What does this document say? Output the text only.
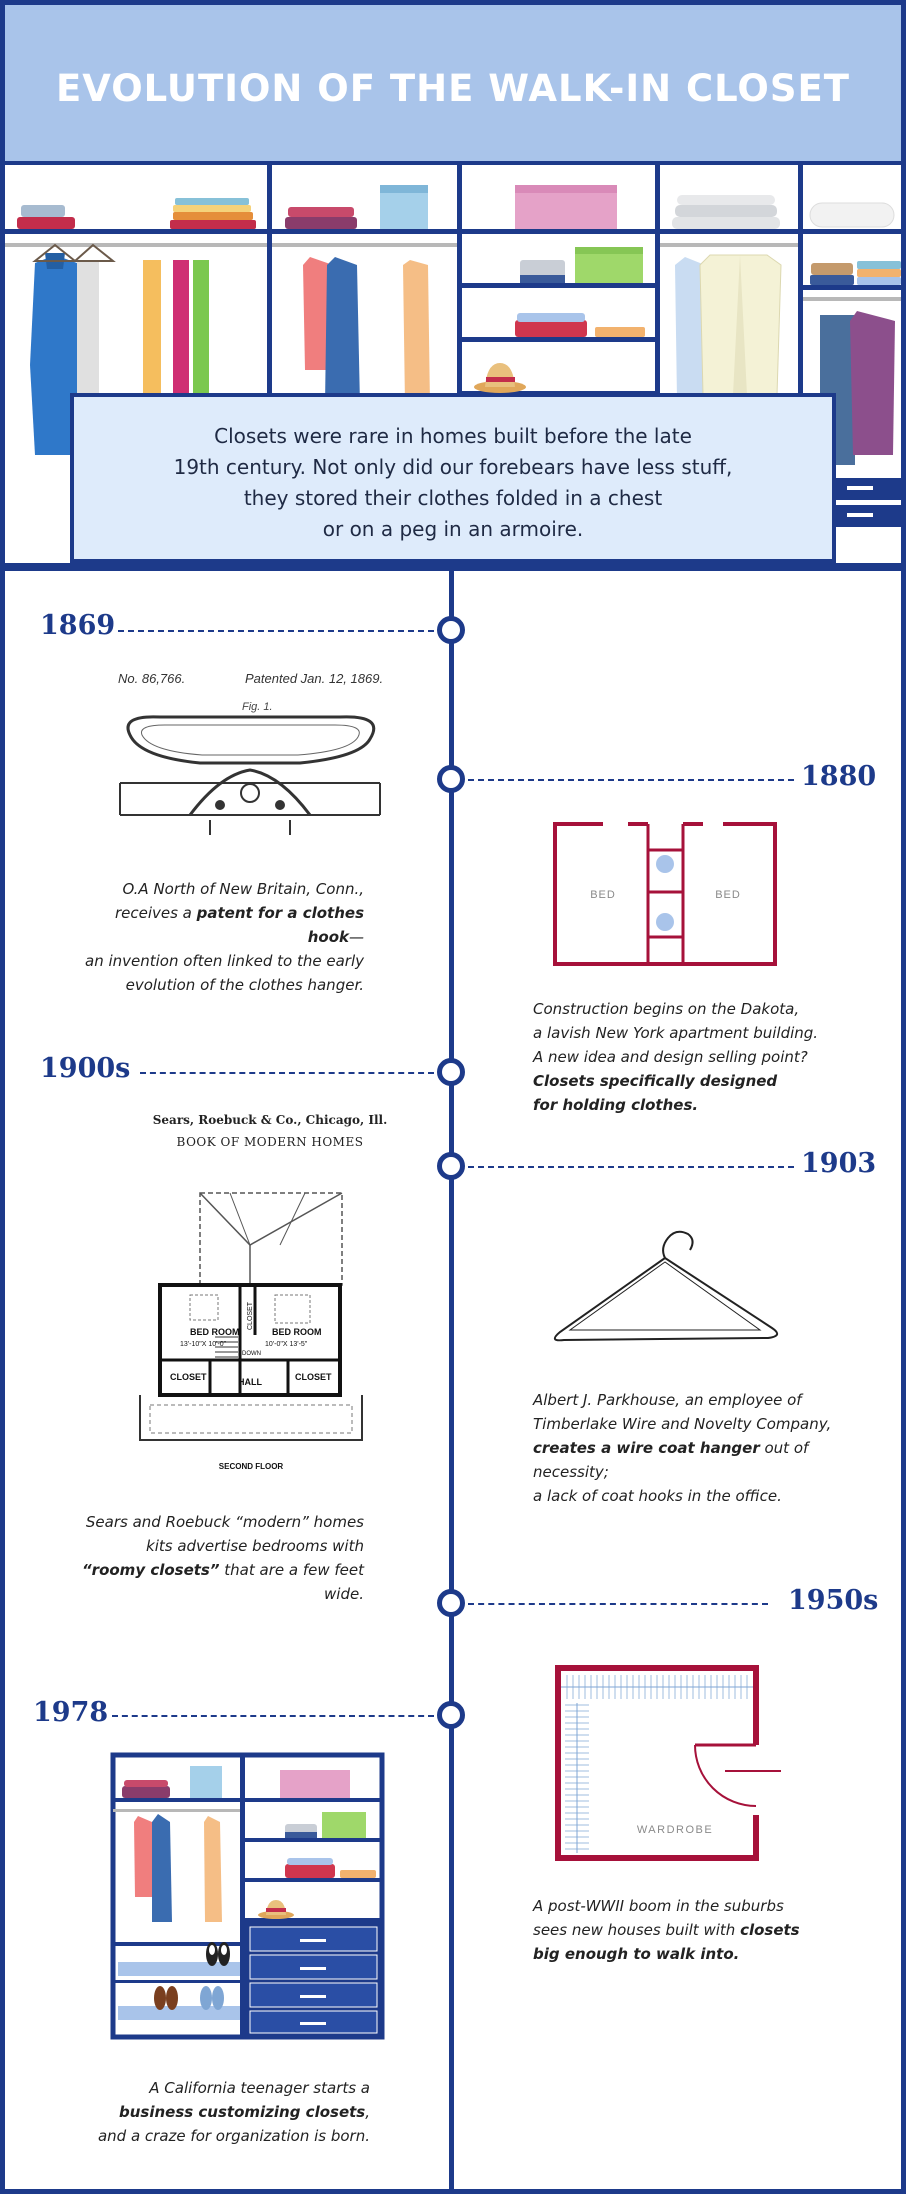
EVOLUTION OF THE WALK-IN CLOSET
Closets were rare in homes built before the late
19th century. Not only did our forebears have less stuff,
they stored their clothes folded in a chest
or on a peg in an armoire.
1869
No. 86,766.	Patented Jan. 12, 1869.
Fig. 1.
O.A North of New Britain, Conn.,
receives a patent for a clothes hook—
an invention often linked to the early
evolution of the clothes hanger.
1880
BED	BED
Construction begins on the Dakota,
a lavish New York apartment building.
A new idea and design selling point?
Closets specifically designed
for holding clothes.
1900s
Sears, Roebuck & Co., Chicago, Ill.
BOOK OF MODERN HOMES
BED ROOM
13'-10"X 10'-0"
BED ROOM
10'-0"X 13'-5"
CLOSET
DOWN
CLOSET	HALL	CLOSET
SECOND FLOOR
Sears and Roebuck “modern” homes
kits advertise bedrooms with
“roomy closets” that are a few feet wide.
1903
Albert J. Parkhouse, an employee of
Timberlake Wire and Novelty Company,
creates a wire coat hanger out of necessity;
a lack of coat hooks in the office.
1950s
WARDROBE
A post-WWII boom in the suburbs
sees new houses built with closets
big enough to walk into.
1978
A California teenager starts a
business customizing closets,
and a craze for organization is born.
